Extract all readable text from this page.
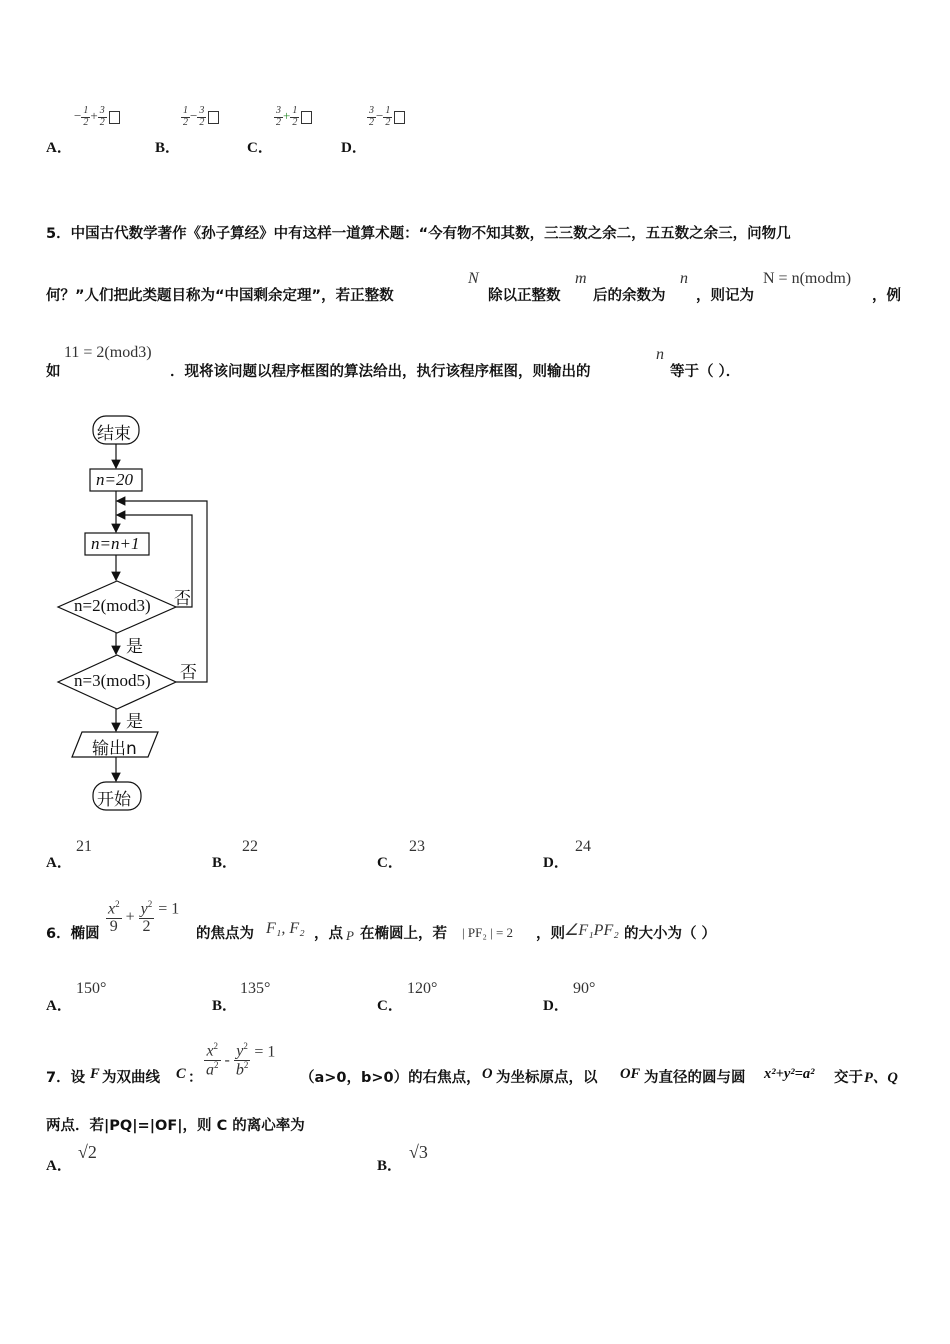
A．
− $\frac{1}{2} + \frac{3}{2}$
B．
$\frac{1}{2} - \frac{3}{2}$
C．
$\frac{3}{2} + \frac{1}{2}$
D．
$\frac{3}{2} - \frac{1}{2}$
5．中国古代数学著作《孙子算经》中有这样一道算术题：“今有物不知其数，三三数之余二，五五数之余三，问物几
何？”人们把此类题目称为“中国剩余定理”，若正整数
N
除以正整数
m
后的余数为
n
，则记为
N = n(modm)
，例
如
11 = 2(mod3)
．现将该问题以程序框图的算法给出，执行该程序框图，则输出的
n
等于（ ）．
结束
n=20
n=n+1
n=2(mod3) 否
是
n=3(mod5) 否
是
输出n
开始
A．
21
B．
22
C．
23
D．
24
6．椭圆 $\frac{x^2}{9} + \frac{y^2}{2} = 1$
的焦点为 F₁, F₂ ，点 P 在椭圆上，若 | PF₂ | = 2 ，则 ∠F₁PF₂ 的大小为（ ）
A．
150°
B．
135°
C．
120°
D．
90°
7．设 F 为双曲线 C ： $\frac{x^2}{a^2} - \frac{y^2}{b^2} = 1$
（a>0，b>0）的右焦点， O 为坐标原点，以 OF 为直径的圆与圆 x²+y²=a² 交于 P、Q
两点．若|PQ|=|OF|，则 C 的离心率为
A．
√2
B．
√3
